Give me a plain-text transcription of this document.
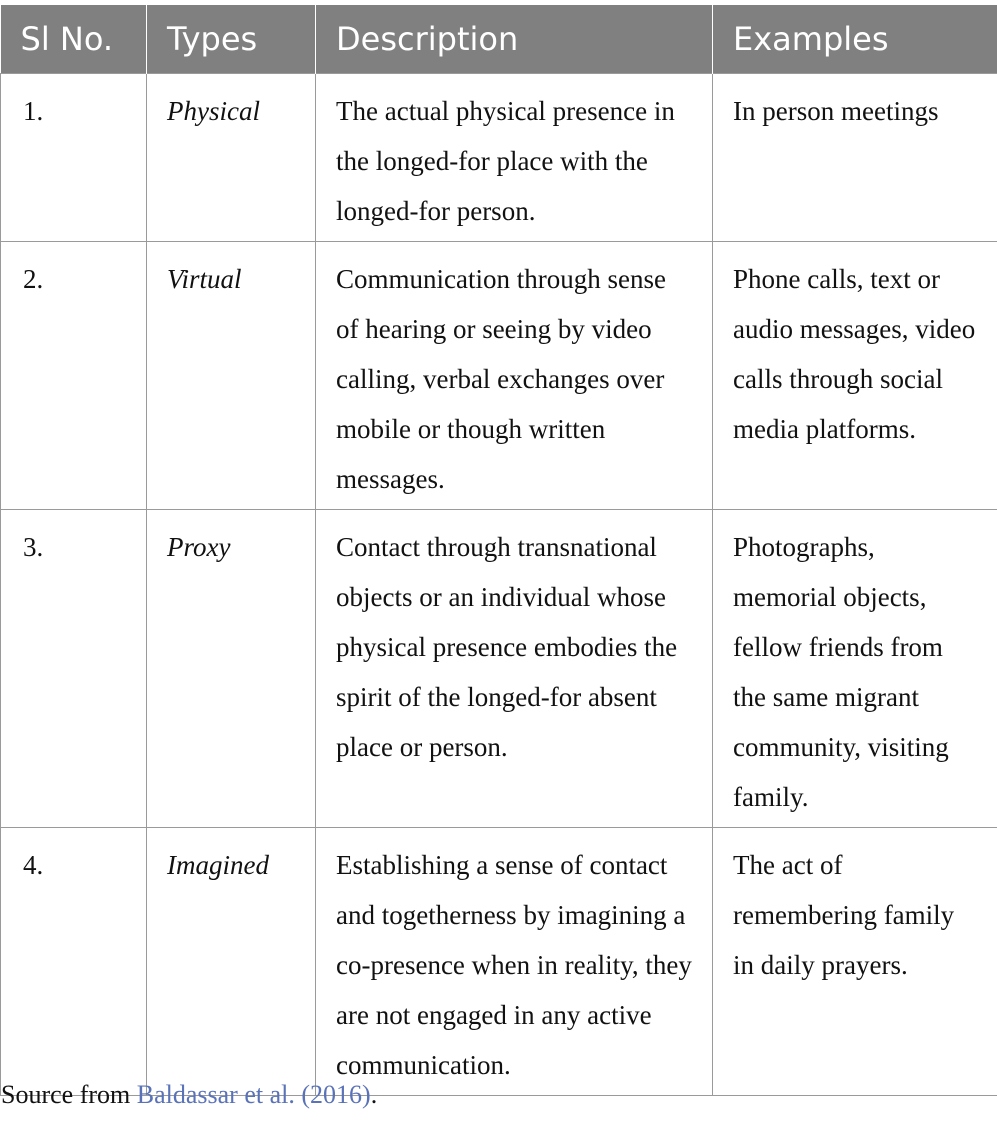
Sl No.	Types	Description	Examples
1.	Physical	The actual physical presence in the longed-for place with the longed-for person.	In person meetings
2.	Virtual	Communication through sense of hearing or seeing by video calling, verbal exchanges over mobile or though written messages.	Phone calls, text or audio messages, video calls through social media platforms.
3.	Proxy	Contact through transnational objects or an individual whose physical presence embodies the spirit of the longed-for absent place or person.	Photographs, memorial objects, fellow friends from the same migrant community, visiting family.
4.	Imagined	Establishing a sense of contact and togetherness by imagining a co-presence when in reality, they are not engaged in any active communication.	The act of remembering family in daily prayers.
Source from Baldassar et al. (2016).
